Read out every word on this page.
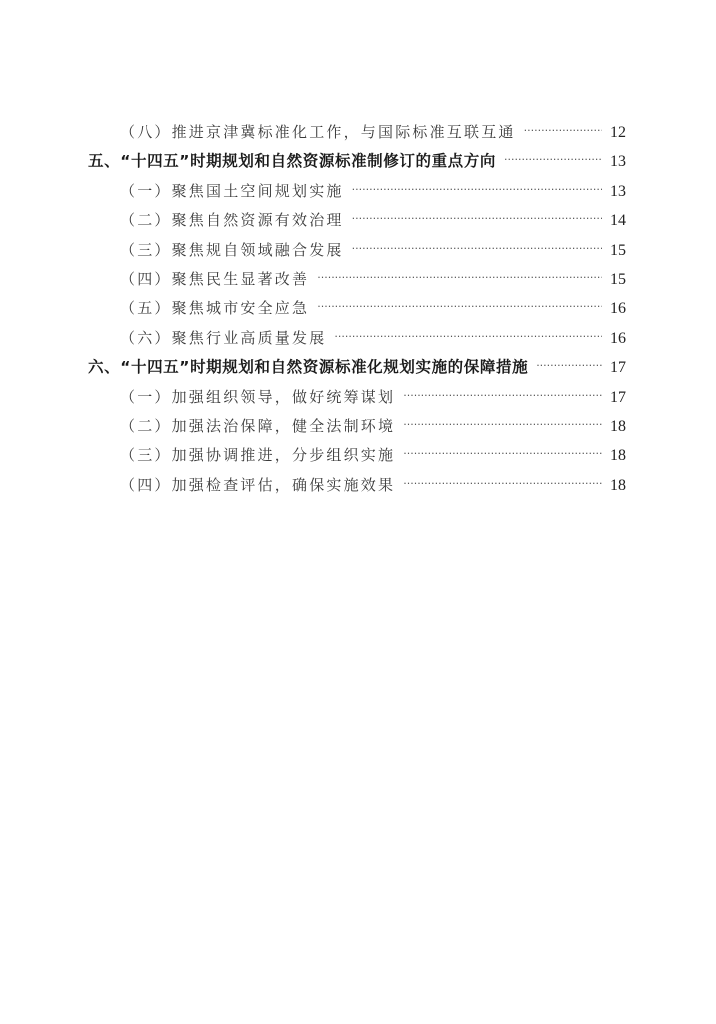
（八）推进京津冀标准化工作，与国际标准互联互通 ·····	12
五、“十四五”时期规划和自然资源标准制修订的重点方向 ·····	13
（一）聚焦国土空间规划实施 ·····	13
（二）聚焦自然资源有效治理 ·····	14
（三）聚焦规自领域融合发展 ·····	15
（四）聚焦民生显著改善 ·····	15
（五）聚焦城市安全应急 ·····	16
（六）聚焦行业高质量发展 ·····	16
六、“十四五”时期规划和自然资源标准化规划实施的保障措施 ·····	17
（一）加强组织领导，做好统筹谋划 ·····	17
（二）加强法治保障，健全法制环境 ·····	18
（三）加强协调推进，分步组织实施 ·····	18
（四）加强检查评估，确保实施效果 ·····	18
